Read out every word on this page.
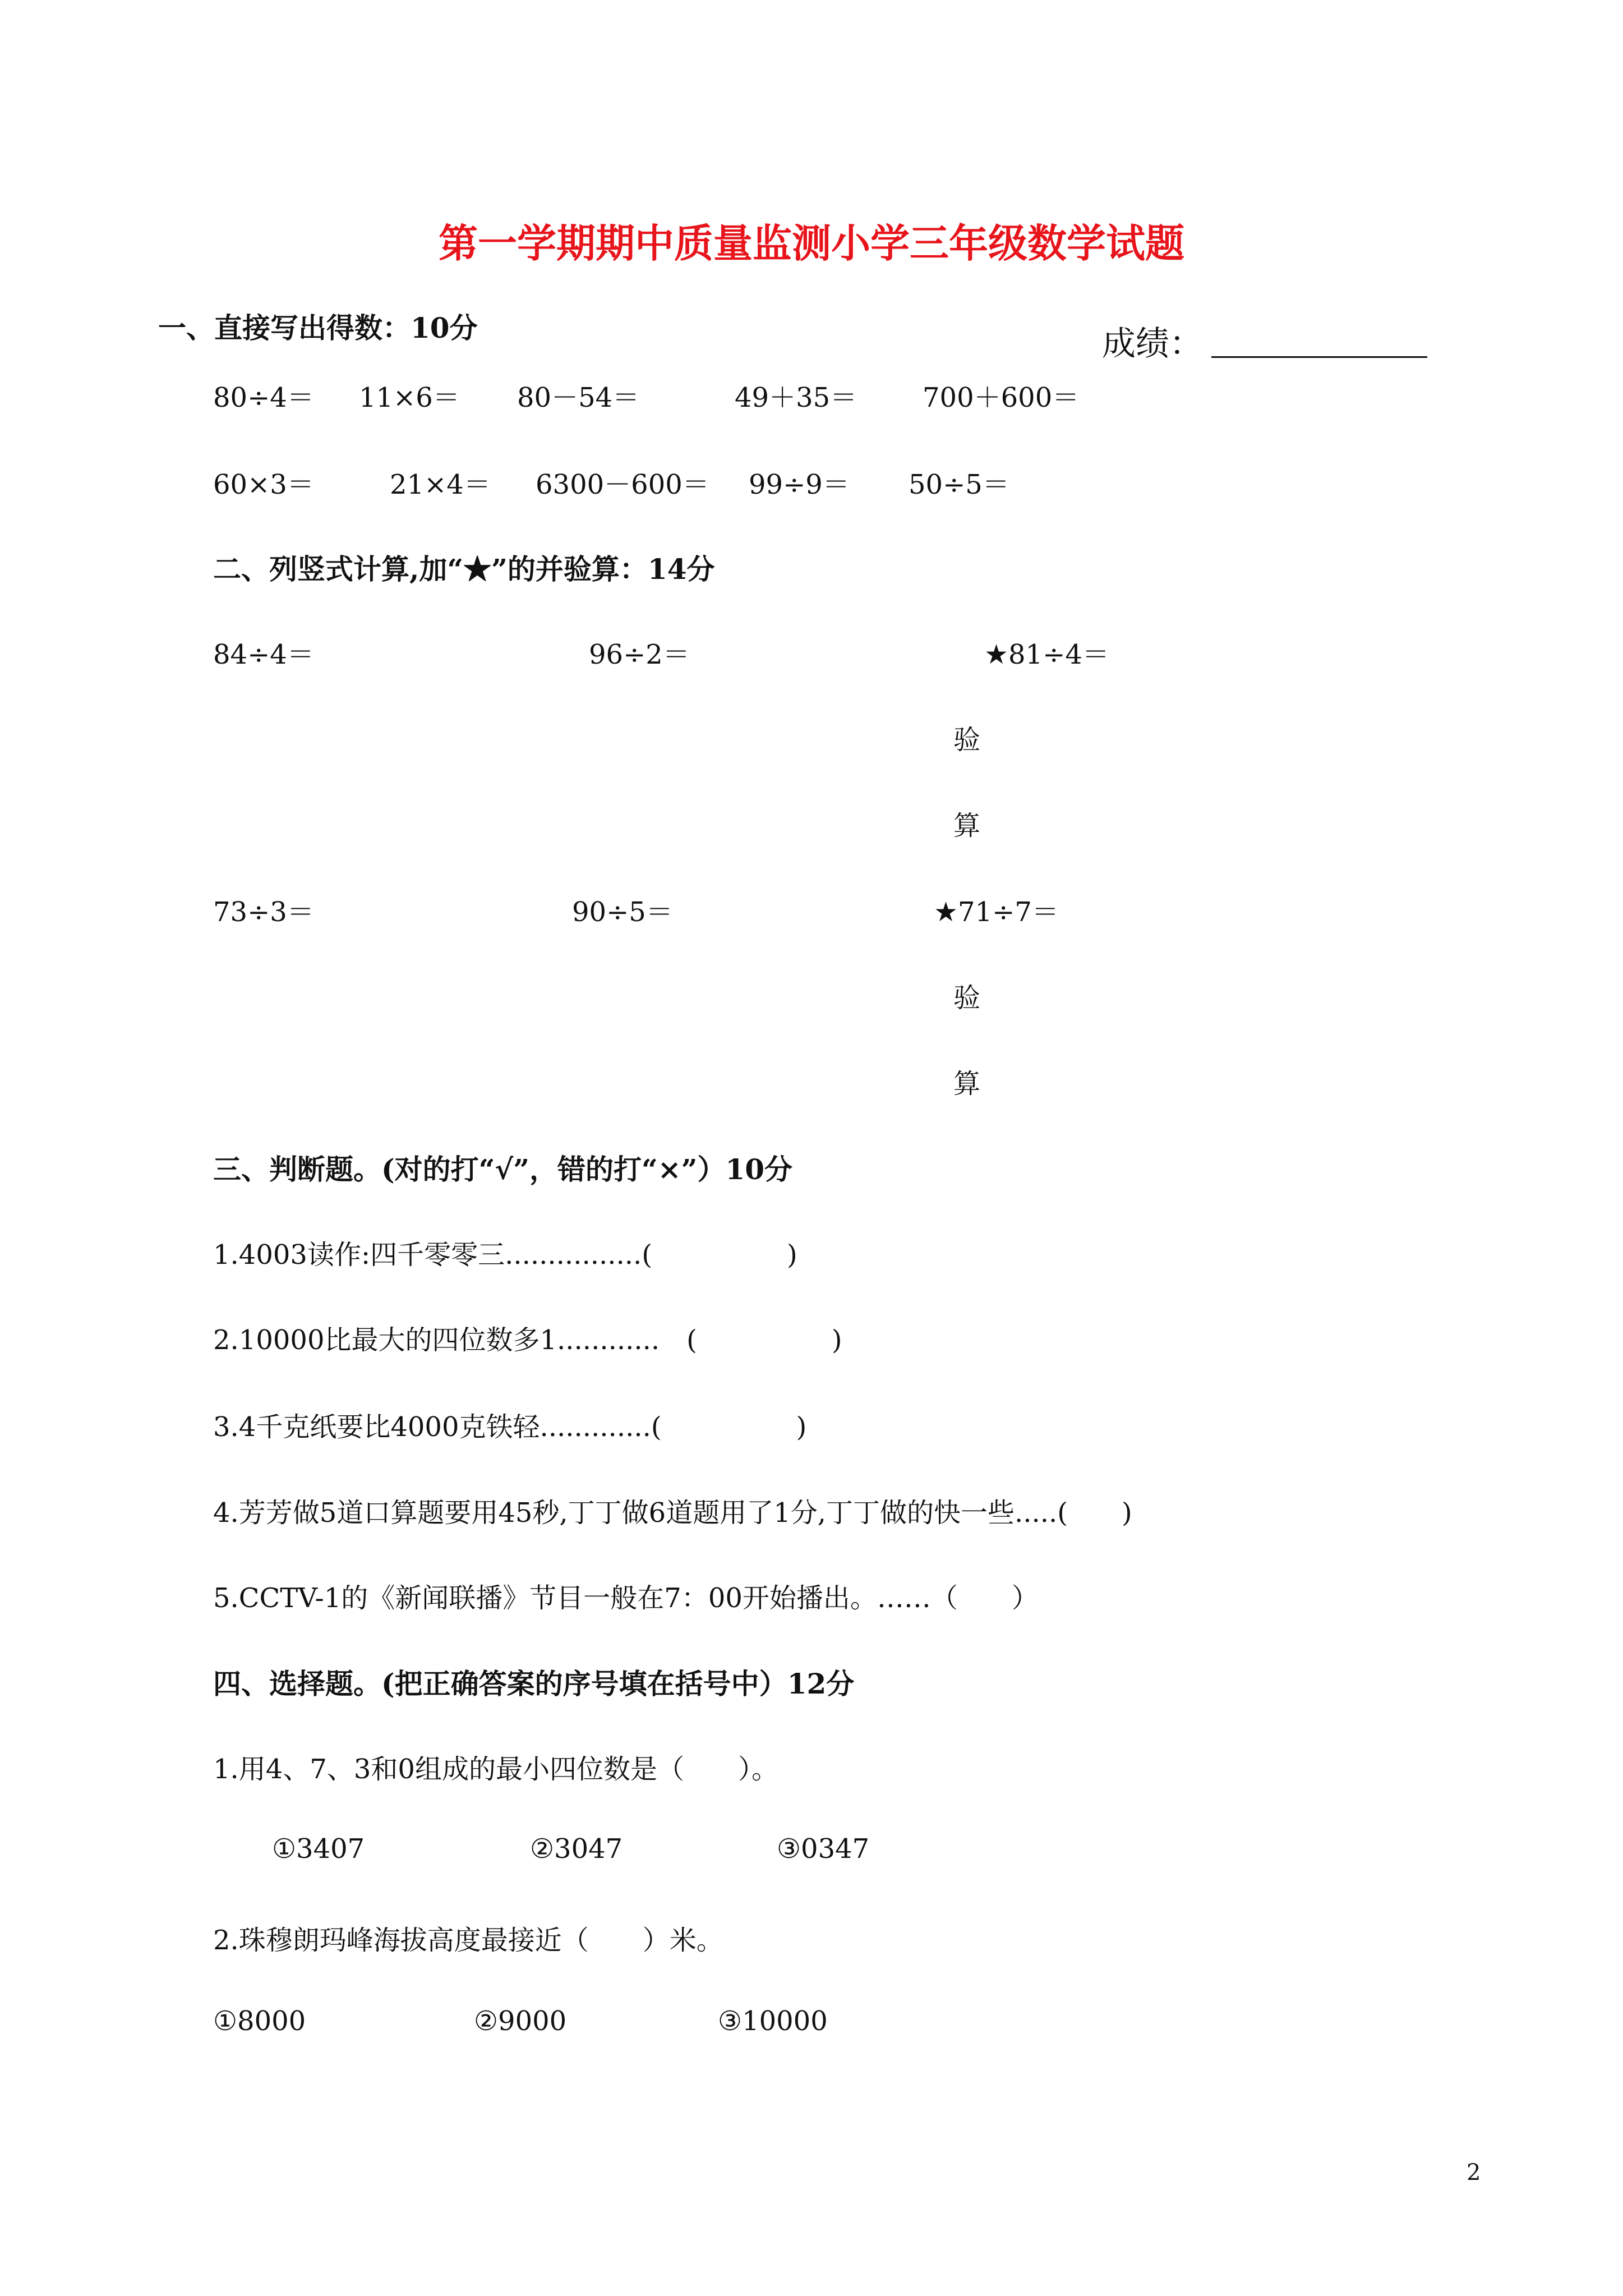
第一学期期中质量监测小学三年级数学试题
一、直接写出得数：10分	成绩：
80÷4＝ 11×6＝ 80－54＝	49＋35＝ 700＋600＝
60×3＝	21×4＝ 6300－600＝ 99÷9＝ 50÷5＝
二、列竖式计算,加“★”的并验算：14分
84÷4＝	96÷2＝	★81÷4＝
验
算
73÷3＝	90÷5＝	★71÷7＝
验
算
三、判断题。(对的打“√”，错的打“×”）10分
1.4003读作:四千零零三................(　　　　　)
2.10000比最大的四位数多1............　(　　　　　)
3.4千克纸要比4000克铁轻.............(　　　　　)
4.芳芳做5道口算题要用45秒,丁丁做6道题用了1分,丁丁做的快一些.....(　　)
5.CCTV-1的《新闻联播》节目一般在7：00开始播出。……（　　）
四、选择题。(把正确答案的序号填在括号中）12分
1.用4、7、3和0组成的最小四位数是（　　）。
①3407	②3047	③0347
2.珠穆朗玛峰海拔高度最接近（　　）米。
①8000	②9000	③10000
2
